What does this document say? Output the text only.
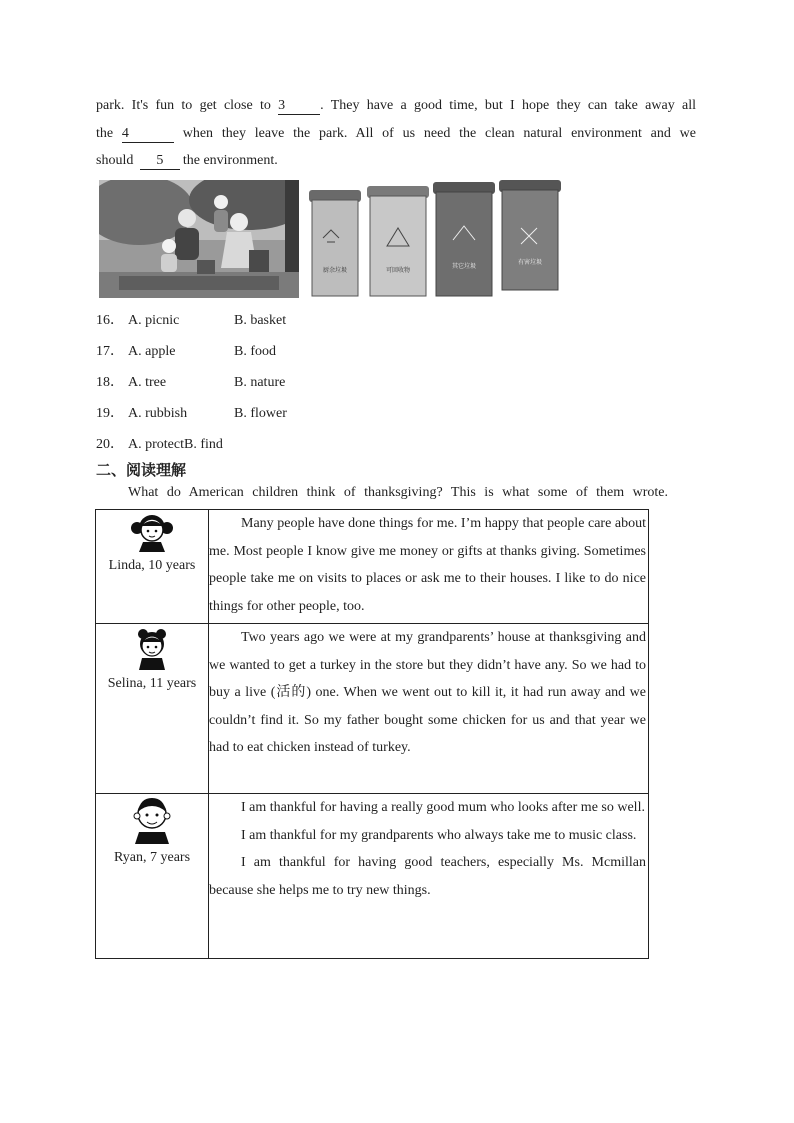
park. It's fun to get close to 3	. They have a good time, but I hope they can take away all
the 4	when they leave the park. All of us need the clean natural environment and we
should 5 the environment.
厨余垃圾	可回收物
其它垃圾
有害垃圾
16． A. picnic	B. basket
17． A. apple	B. food
18． A. tree	B. nature
19． A. rubbish	B. flower
20． A. protectB. find
二、阅读理解
What do American children think of thanksgiving? This is what some of them wrote.
Linda, 10 years	Many people have done things for me. I’m happy that people care about me. Most people I know give me money or gifts at thanks giving. Sometimes people take me on visits to places or ask me to their houses. I like to do nice things for other people, too.

Selina, 11 years	Two years ago we were at my grandparents’ house at thanksgiving and we wanted to get a turkey in the store but they didn’t have any. So we had to buy a live (活的) one. When we went out to kill it, it had run away and we couldn’t find it. So my father bought some chicken for us and that year we had to eat chicken instead of turkey.

Ryan, 7 years	I am thankful for having a really good mum who looks after me so well.
I am thankful for my grandparents who always take me to music class.
I am thankful for having good teachers, especially Ms. Mcmillan because she helps me to try new things.
